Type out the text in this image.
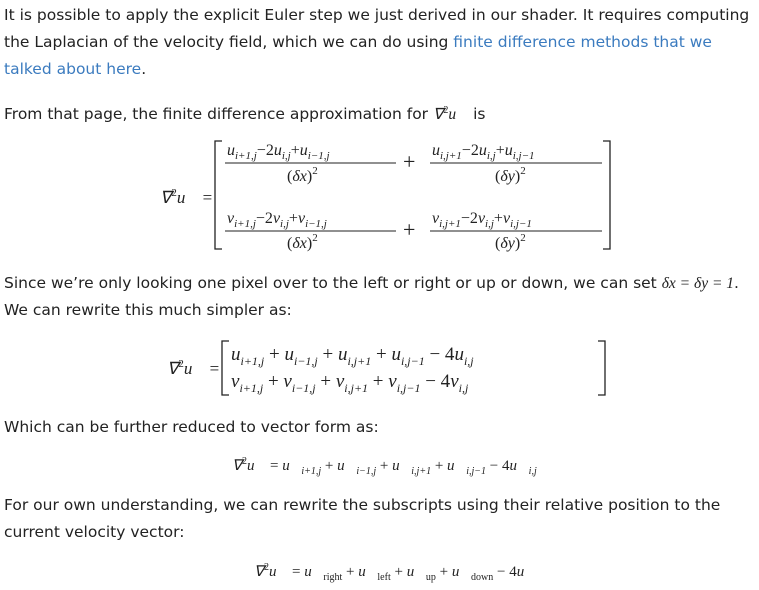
It is possible to apply the explicit Euler step we just derived in our shader. It requires computing the Laplacian of the velocity field, which we can do using finite difference methods that we talked about here.

From that page, the finite difference approximation for ∇$^2$u⃗ is

∇$^2$u⃗ =
$u_{i+1,j}-2u_{i,j}+u_{i-1,j}$
$(\delta x)^2$	+ $u_{i,j+1}-2u_{i,j}+u_{i,j-1}$
$(\delta y)^2$
$v_{i+1,j}-2v_{i,j}+v_{i-1,j}$
$(\delta x)^2$	+ $v_{i,j+1}-2v_{i,j}+v_{i,j-1}$
$(\delta y)^2$

Since we’re only looking one pixel over to the left or right or up or down, we can set δx = δy = 1. We can rewrite this much simpler as:

∇$^2$u⃗ =
$u_{i+1,j} + u_{i-1,j} + u_{i,j+1} + u_{i,j-1} - 4u_{i,j}$
$v_{i+1,j} + v_{i-1,j} + v_{i,j+1} + v_{i,j-1} - 4v_{i,j}$

Which can be further reduced to vector form as:

∇$^2$u⃗ = $u⃗_{i+1,j}$ + $u⃗_{i-1,j}$ + $u⃗_{i,j+1}$ + $u⃗_{i,j-1}$ − $4u⃗_{i,j}$

For our own understanding, we can rewrite the subscripts using their relative position to the current velocity vector:

∇$^2$u⃗ = $u⃗_{right}$ + $u⃗_{left}$ + $u⃗_{up}$ + $u⃗_{down}$ − 4u⃗
